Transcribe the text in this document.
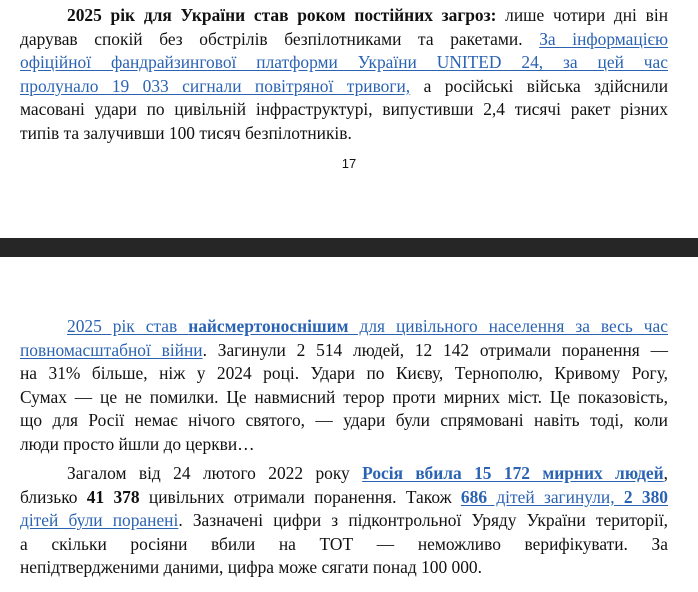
2025 рік для України став роком постійних загроз: лише чотири дні він
дарував спокій без обстрілів безпілотниками та ракетами. За інформацією
офіційної фандрайзингової платформи України UNITED 24, за цей час
пролунало 19 033 сигнали повітряної тривоги, а російські війська здійснили
масовані удари по цивільній інфраструктурі, випустивши 2,4 тисячі ракет різних
типів та залучивши 100 тисяч безпілотників.
17
2025 рік став найсмертоноснішим для цивільного населення за весь час
повномасштабної війни. Загинули 2 514 людей, 12 142 отримали поранення —
на 31% більше, ніж у 2024 році. Удари по Києву, Тернополю, Кривому Рогу,
Сумах — це не помилки. Це навмисний терор проти мирних міст. Це показовість,
що для Росії немає нічого святого, — удари були спрямовані навіть тоді, коли
люди просто йшли до церкви…
Загалом від 24 лютого 2022 року Росія вбила 15 172 мирних людей,
близько 41 378 цивільних отримали поранення. Також 686 дітей загинули, 2 380
дітей були поранені. Зазначені цифри з підконтрольної Уряду України території,
а скільки росіяни вбили на ТОТ — неможливо верифікувати. За
непідтвердженими даними, цифра може сягати понад 100 000.
